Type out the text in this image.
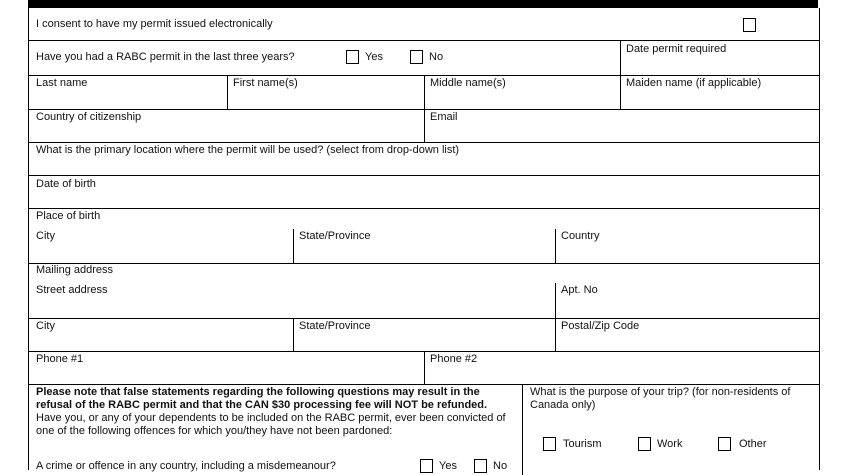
I consent to have my permit issued electronically
Have you had a RABC permit in the last three years?	Yes	No
Date permit required
Last name	First name(s)	Middle name(s)	Maiden name (if applicable)
Country of citizenship	Email
What is the primary location where the permit will be used? (select from drop-down list)
Date of birth
Place of birth
City	State/Province	Country
Mailing address
Street address	Apt. No
City	State/Province	Postal/Zip Code
Phone #1	Phone #2
Please note that false statements regarding the following questions may result in the refusal of the RABC permit and that the CAN $30 processing fee will NOT be refunded.
Have you, or any of your dependents to be included on the RABC permit, ever been convicted of one of the following offences for which you/they have not been pardoned:
A crime or offence in any country, including a misdemeanour?	Yes	No
What is the purpose of your trip? (for non-residents of Canada only)
Tourism	Work	Other
